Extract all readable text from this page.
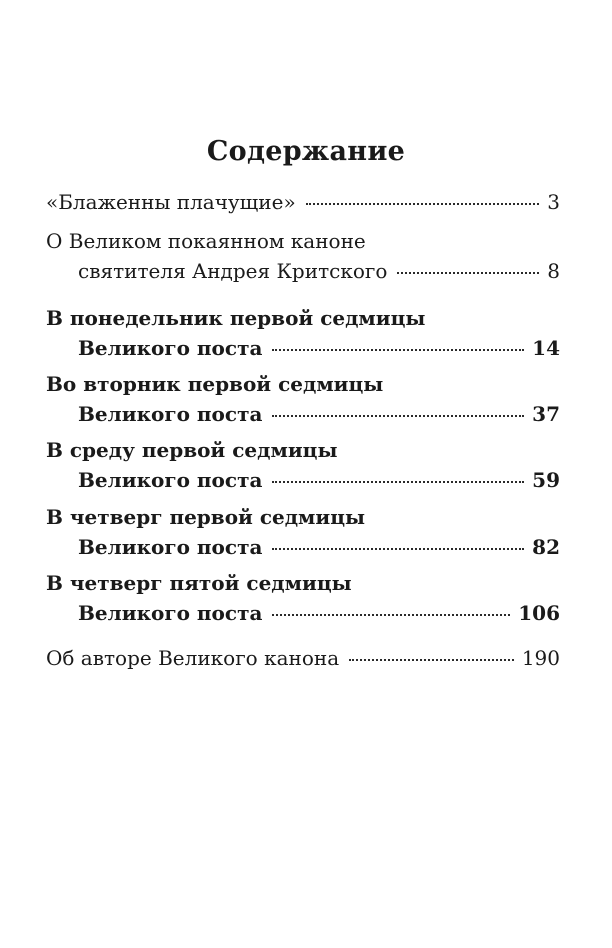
Содержание
«Блаженны плачущие»	3
О Великом покаянном каноне
святителя Андрея Критского	8
В понедельник первой седмицы
Великого поста	14
Во вторник первой седмицы
Великого поста	37
В среду первой седмицы
Великого поста	59
В четверг первой седмицы
Великого поста	82
В четверг пятой седмицы
Великого поста	106
Об авторе Великого канона	190
